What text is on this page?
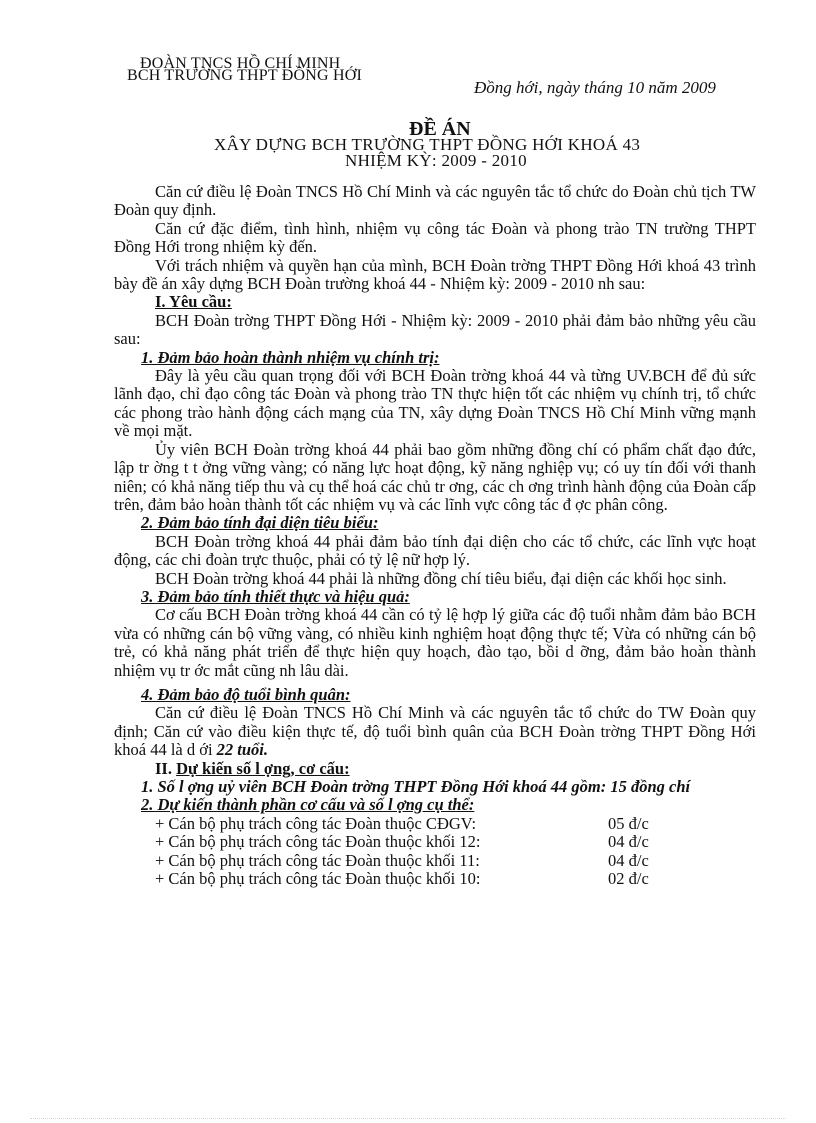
ĐOÀN TNCS HỒ CHÍ MINH
BCH TRƯỜNG THPT ĐỒNG HỚI
Đồng hới, ngày tháng 10 năm 2009
ĐỀ ÁN
XÂY DỰNG BCH TRƯỜNG THPT ĐỒNG HỚI KHOÁ 43
NHIỆM KỲ: 2009 - 2010

Căn cứ điều lệ Đoàn TNCS Hồ Chí Minh và các nguyên tắc tổ chức do Đoàn chủ tịch TW Đoàn quy định.

Căn cứ đặc điểm, tình hình, nhiệm vụ công tác Đoàn và phong trào TN trường THPT Đồng Hới trong nhiệm kỳ đến.

Với trách nhiệm và quyền hạn của mình, BCH Đoàn trờng THPT Đồng Hới khoá 43 trình bày đề án xây dựng BCH Đoàn trường khoá 44 - Nhiệm kỳ: 2009 - 2010 nh sau:

I. Yêu cầu:

BCH Đoàn trờng THPT Đồng Hới - Nhiệm kỳ: 2009 - 2010 phải đảm bảo những yêu cầu sau:

1. Đảm bảo hoàn thành nhiệm vụ chính trị:

Đây là yêu cầu quan trọng đối với BCH Đoàn trờng khoá 44 và từng UV.BCH để đủ sức lãnh đạo, chỉ đạo công tác Đoàn và phong trào TN thực hiện tốt các nhiệm vụ chính trị, tổ chức các phong trào hành động cách mạng của TN, xây dựng Đoàn TNCS Hồ Chí Minh vững mạnh về mọi mặt.

Ủy viên BCH Đoàn trờng khoá 44 phải bao gồm những đồng chí có phẩm chất đạo đức, lập tr ờng t t ởng vững vàng; có năng lực hoạt động, kỹ năng nghiệp vụ; có uy tín đối với thanh niên; có khả năng tiếp thu và cụ thể hoá các chủ tr ơng, các ch ơng trình hành động của Đoàn cấp trên, đảm bảo hoàn thành tốt các nhiệm vụ và các lĩnh vực công tác đ ợc phân công.

2. Đảm bảo tính đại diện tiêu biểu:

BCH Đoàn trờng khoá 44 phải đảm bảo tính đại diện cho các tổ chức, các lĩnh vực hoạt động, các chi đoàn trực thuộc, phải có tỷ lệ nữ hợp lý.

BCH Đoàn trờng khoá 44 phải là những đồng chí tiêu biểu, đại diện các khối học sinh.

3. Đảm bảo tính thiết thực và hiệu quả:

Cơ cấu BCH Đoàn trờng khoá 44 cần có tỷ lệ hợp lý giữa các độ tuổi nhằm đảm bảo BCH vừa có những cán bộ vững vàng, có nhiều kinh nghiệm hoạt động thực tế; Vừa có những cán bộ trẻ, có khả năng phát triển để thực hiện quy hoạch, đào tạo, bồi d ỡng, đảm bảo hoàn thành nhiệm vụ tr ớc mắt cũng nh lâu dài.

4. Đảm bảo độ tuổi bình quân:

Căn cứ điều lệ Đoàn TNCS Hồ Chí Minh và các nguyên tắc tổ chức do TW Đoàn quy định; Căn cứ vào điều kiện thực tế, độ tuổi bình quân của BCH Đoàn trờng THPT Đồng Hới khoá 44 là d ới 22 tuổi.

II. Dự kiến số l ợng, cơ cấu:

1. Số l ợng uỷ viên BCH Đoàn trờng THPT Đồng Hới khoá 44 gồm: 15 đồng chí

2. Dự kiến thành phần cơ cấu và số l ợng cụ thể:

+ Cán bộ phụ trách công tác Đoàn thuộc CĐGV:	05 đ/c
+ Cán bộ phụ trách công tác Đoàn thuộc khối 12:	04 đ/c
+ Cán bộ phụ trách công tác Đoàn thuộc khối 11:	04 đ/c
+ Cán bộ phụ trách công tác Đoàn thuộc khối 10:	02 đ/c
